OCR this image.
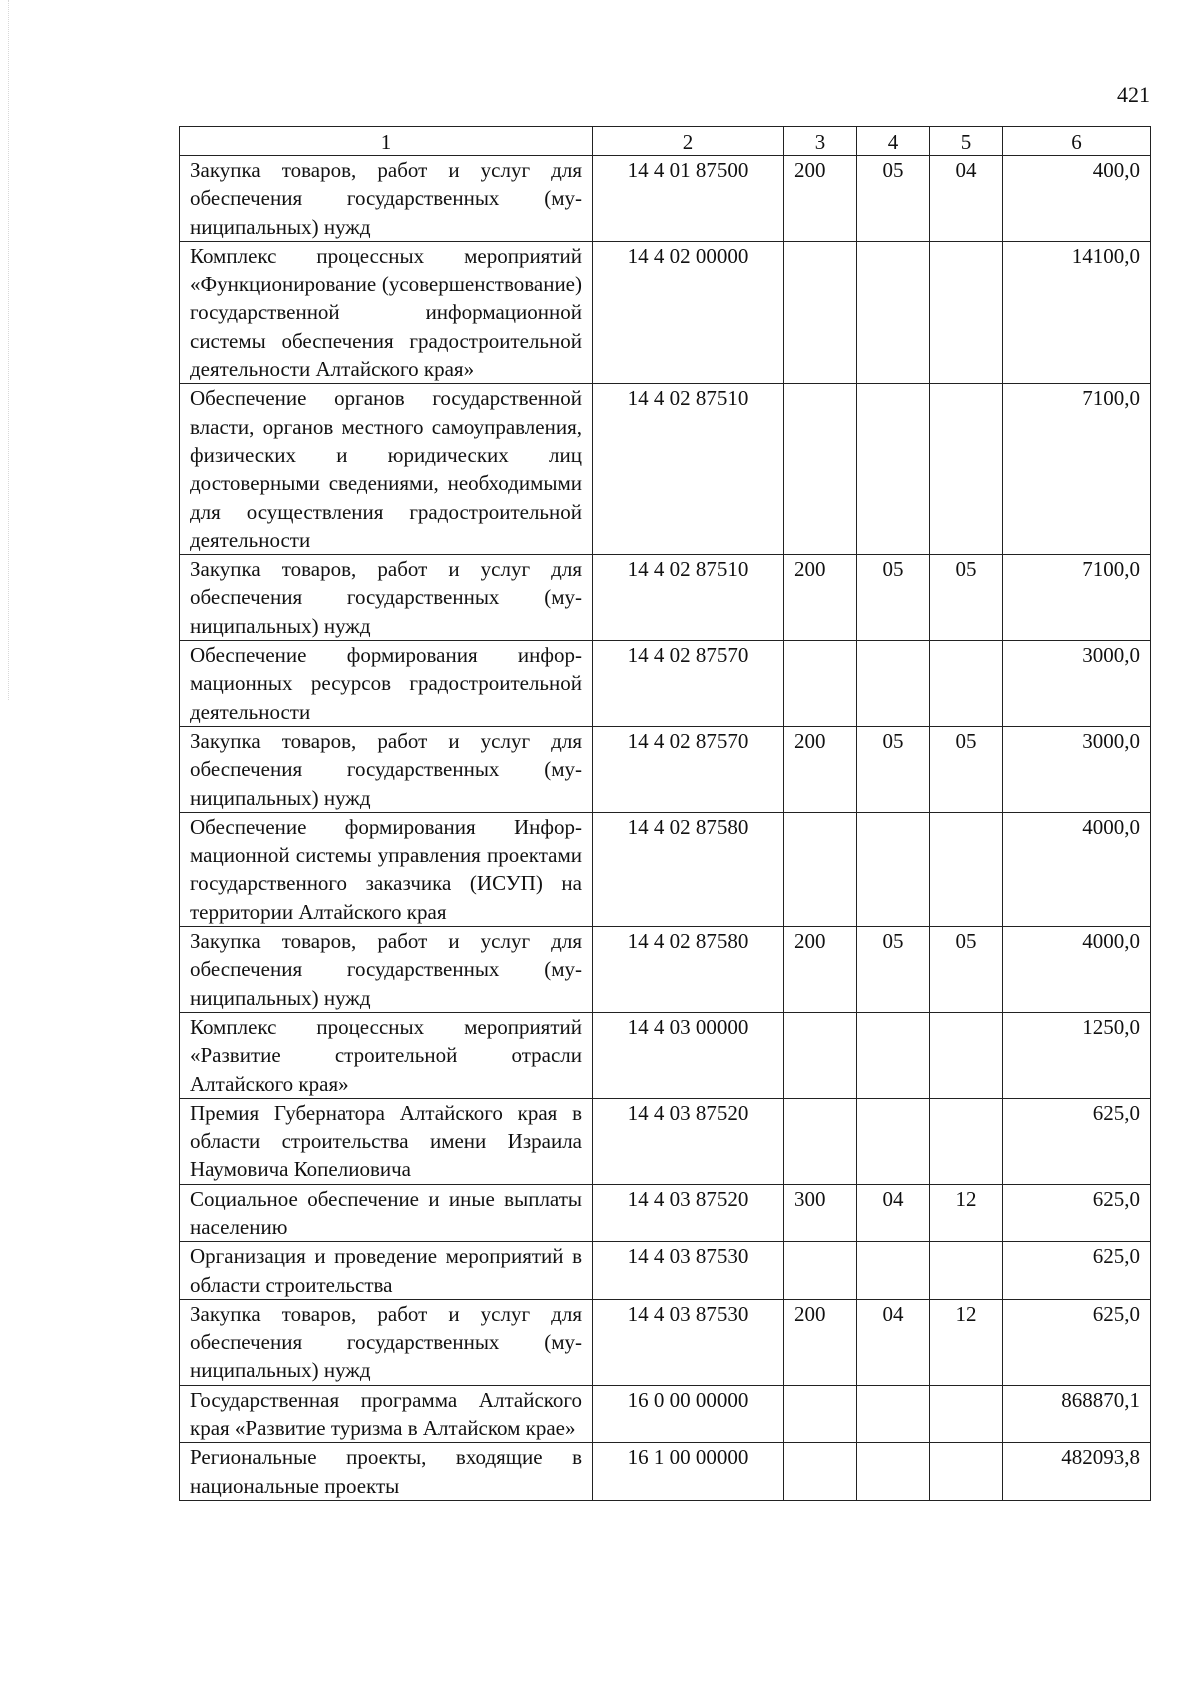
421
1	2	3	4	5	6
Закупка товаров, работ и услуг для обеспечения государственных (муниципальных) нужд	14 4 01 87500	200	05	04	400,0
Комплекс процессных мероприятий «Функционирование (усовершенствование) государственной информационной системы обеспечения градостроительной деятельности Алтайского края»	14 4 02 00000				14100,0
Обеспечение органов государственной власти, органов местного самоуправления, физических и юридических лиц достоверными сведениями, необходимыми для осуществления градостроительной деятельности	14 4 02 87510				7100,0
Закупка товаров, работ и услуг для обеспечения государственных (муниципальных) нужд	14 4 02 87510	200	05	05	7100,0
Обеспечение формирования информационных ресурсов градостроительной деятельности	14 4 02 87570				3000,0
Закупка товаров, работ и услуг для обеспечения государственных (муниципальных) нужд	14 4 02 87570	200	05	05	3000,0
Обеспечение формирования Информационной системы управления проектами государственного заказчика (ИСУП) на территории Алтайского края	14 4 02 87580				4000,0
Закупка товаров, работ и услуг для обеспечения государственных (муниципальных) нужд	14 4 02 87580	200	05	05	4000,0
Комплекс процессных мероприятий «Развитие строительной отрасли Алтайского края»	14 4 03 00000				1250,0
Премия Губернатора Алтайского края в области строительства имени Израила Наумовича Копелиовича	14 4 03 87520				625,0
Социальное обеспечение и иные выплаты населению	14 4 03 87520	300	04	12	625,0
Организация и проведение мероприятий в области строительства	14 4 03 87530				625,0
Закупка товаров, работ и услуг для обеспечения государственных (муниципальных) нужд	14 4 03 87530	200	04	12	625,0
Государственная программа Алтайского края «Развитие туризма в Алтайском крае»	16 0 00 00000				868870,1
Региональные проекты, входящие в национальные проекты	16 1 00 00000				482093,8
